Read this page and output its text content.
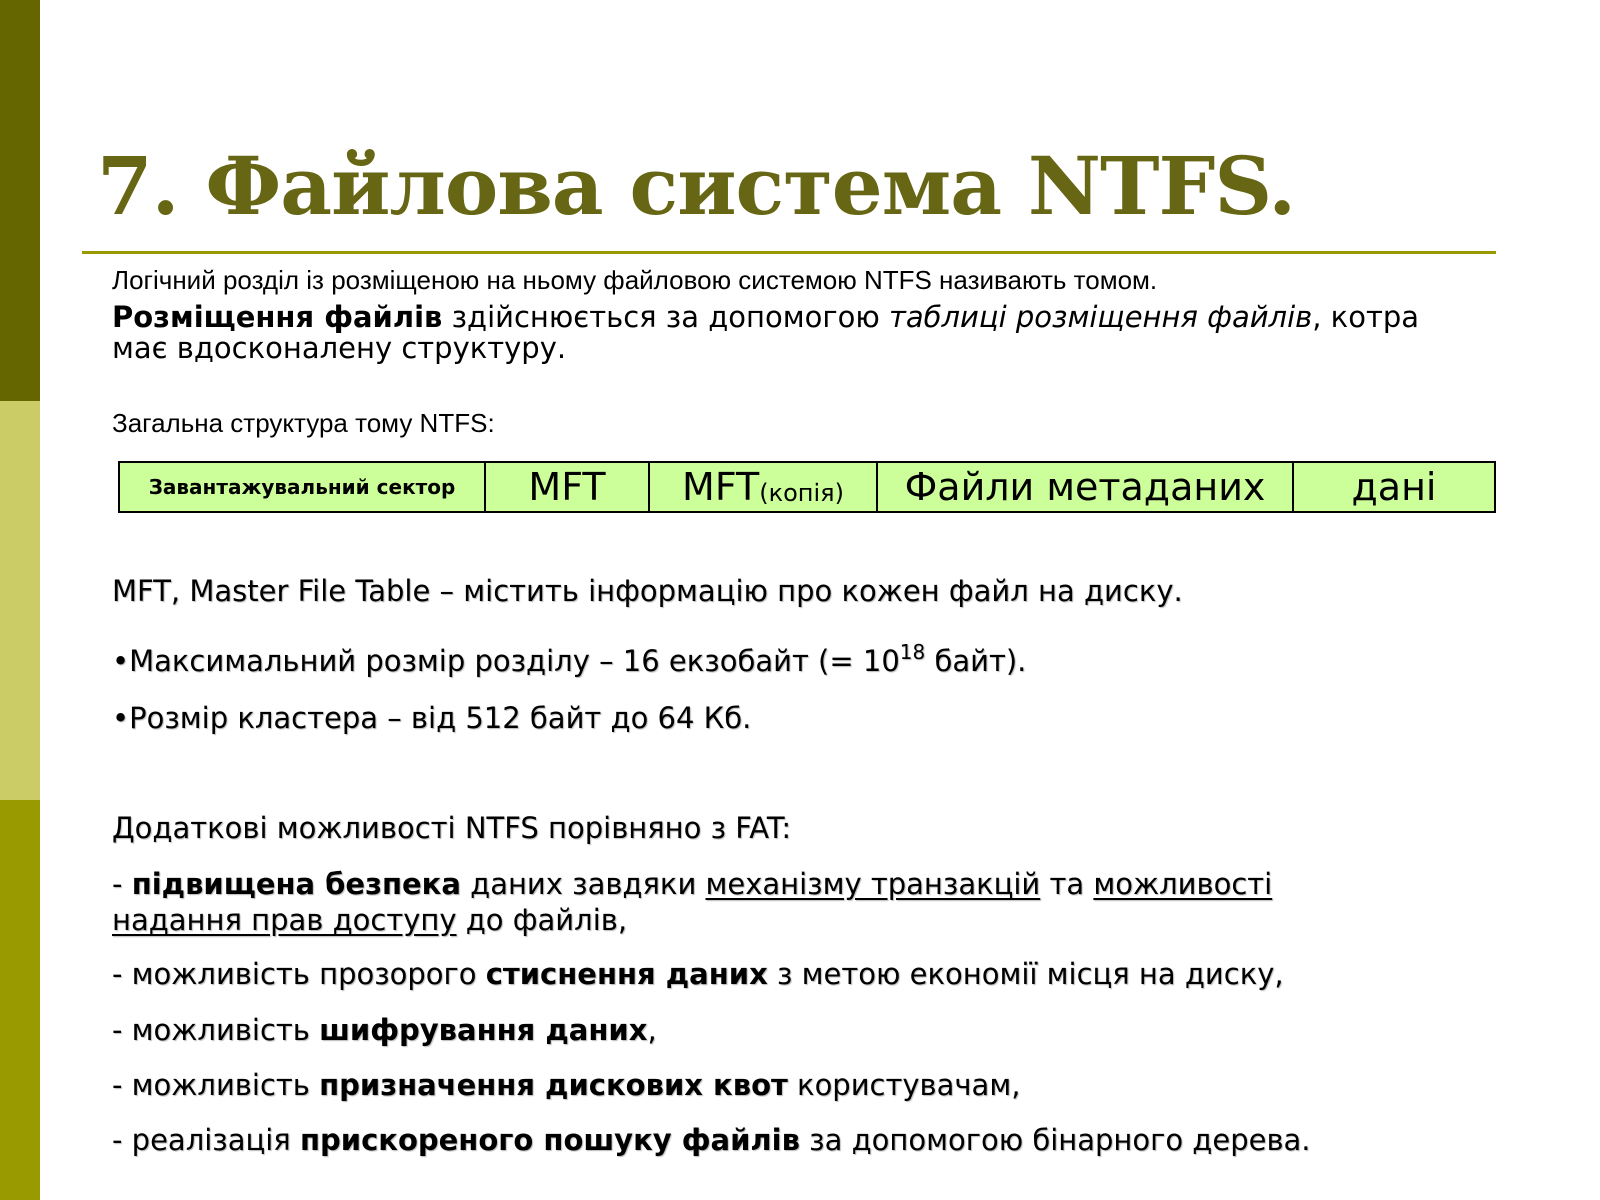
7. Файлова система NTFS.

Логічний розділ із розміщеною на ньому файловою системою NTFS називають томом.

Розміщення файлів здійснюється за допомогою таблиці розміщення файлів, котра

має вдосконалену структуру.

Загальна структура тому NTFS:

Завантажувальний сектор	MFT	MFT (копія)	Файли метаданих	дані

MFT, Master File Table – містить інформацію про кожен файл на диску.

•Максимальний розмір розділу – 16 екзобайт (= $10^{18}$ байт).

•Розмір кластера – від 512 байт до 64 Кб.

Додаткові можливості NTFS порівняно з FAT:

- підвищена безпека даних завдяки механізму транзакцій та можливості

надання прав доступу до файлів,

- можливість прозорого стиснення даних з метою економії місця на диску,

- можливість шифрування даних,

- можливість призначення дискових квот користувачам,

- реалізація прискореного пошуку файлів за допомогою бінарного дерева.
